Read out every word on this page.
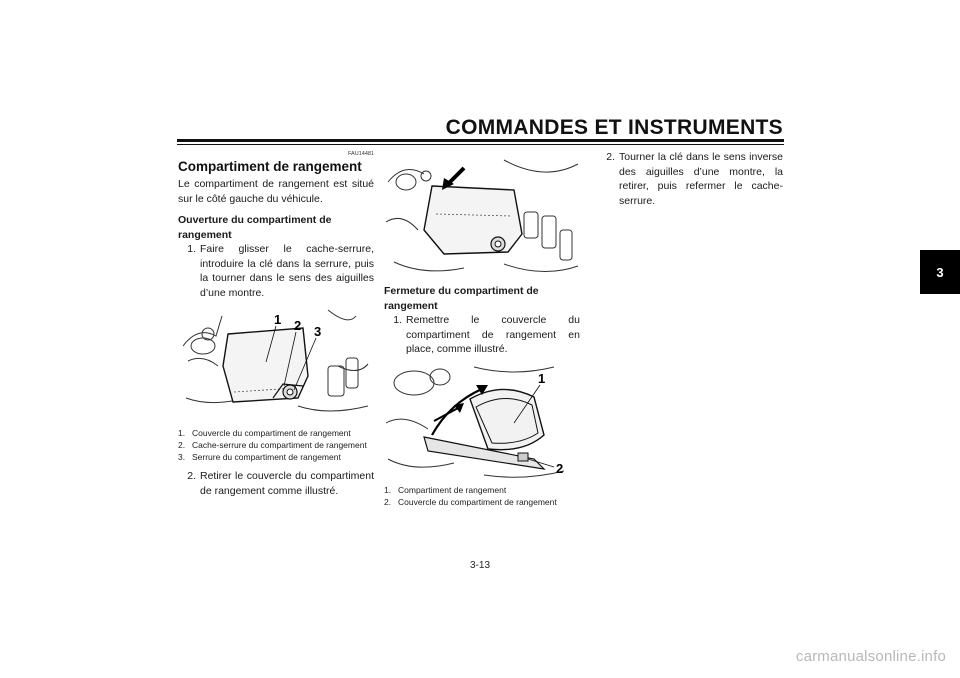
COMMANDES ET INSTRUMENTS
3
FAU14481
Compartiment de rangement

Le compartiment de rangement est situé sur le côté gauche du véhicule.

Ouverture du compartiment de rangement
1. Faire glisser le cache-serrure, introduire la clé dans la serrure, puis la tourner dans le sens des aiguilles d’une montre.
1 2 3
1. Couvercle du compartiment de rangement
2. Cache-serrure du compartiment de rangement
3. Serrure du compartiment de rangement
2. Retirer le couvercle du compartiment de rangement comme illustré.
Fermeture du compartiment de rangement
1. Remettre le couvercle du compartiment de rangement en place, comme illustré.
1
2
1. Compartiment de rangement
2. Couvercle du compartiment de rangement
2. Tourner la clé dans le sens inverse des aiguilles d’une montre, la retirer, puis refermer le cache-serrure.
3-13
carmanualsonline.info
